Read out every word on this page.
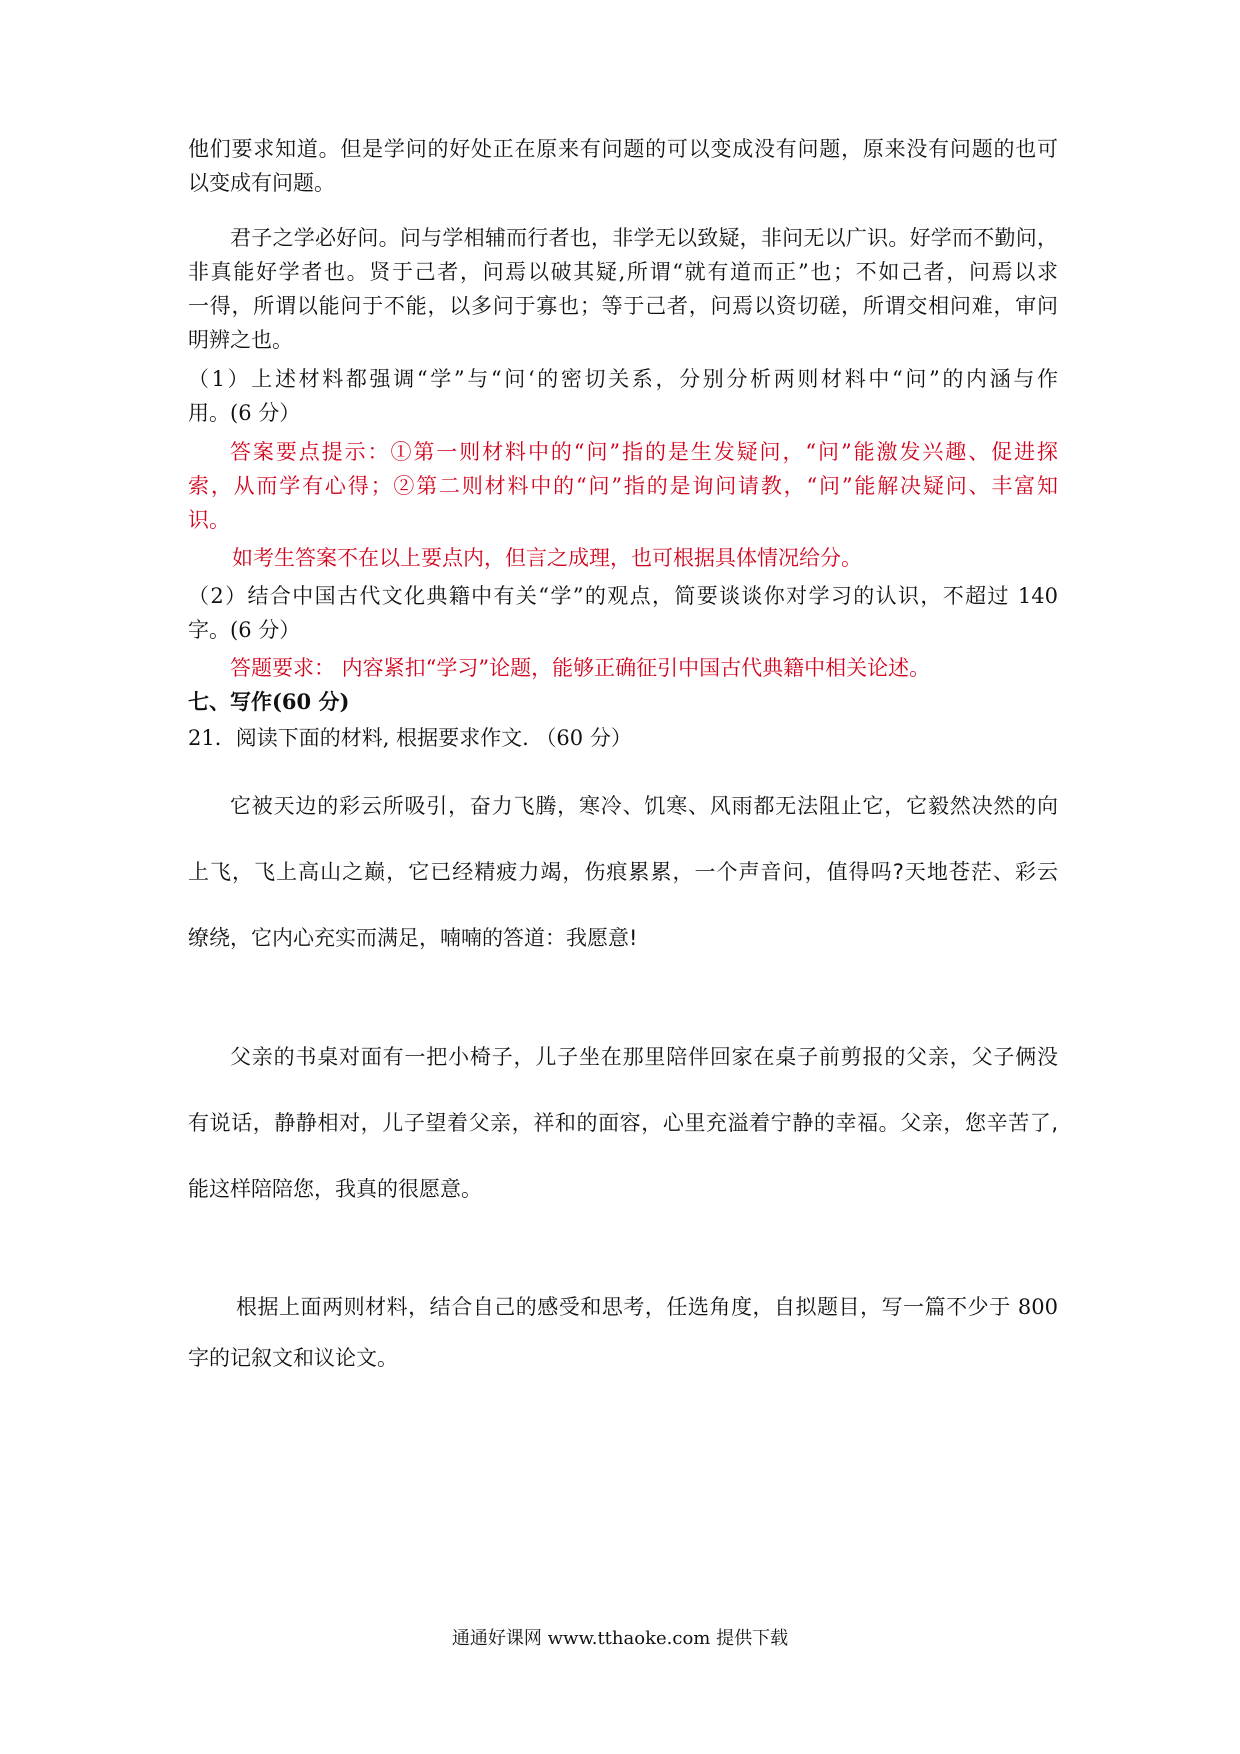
他们要求知道。但是学问的好处正在原来有问题的可以变成没有问题，原来没有问题的也可
以变成有问题。
君子之学必好问。问与学相辅而行者也，非学无以致疑，非问无以广识。好学而不勤问，
非真能好学者也。贤于己者，问焉以破其疑,所谓“就有道而正”也；不如己者，问焉以求
一得，所谓以能问于不能，以多问于寡也；等于己者，问焉以资切磋，所谓交相问难，审问
明辨之也。
（1）上述材料都强调“学”与“问‘的密切关系，分别分析两则材料中“问”的内涵与作
用。(6 分）
答案要点提示：①第一则材料中的“问”指的是生发疑问，“问”能激发兴趣、促进探
索，从而学有心得；②第二则材料中的“问”指的是询问请教，“问”能解决疑问、丰富知
识。
如考生答案不在以上要点内，但言之成理，也可根据具体情况给分。
（2）结合中国古代文化典籍中有关“学”的观点，简要谈谈你对学习的认识，不超过 140
字。(6 分）
答题要求： 内容紧扣“学习”论题，能够正确征引中国古代典籍中相关论述。
七、写作(60 分)
21．阅读下面的材料, 根据要求作文. （60 分）
它被天边的彩云所吸引，奋力飞腾，寒冷、饥寒、风雨都无法阻止它，它毅然决然的向
上飞，飞上高山之巅，它已经精疲力竭，伤痕累累，一个声音问，值得吗?天地苍茫、彩云
缭绕，它内心充实而满足，喃喃的答道：我愿意!
父亲的书桌对面有一把小椅子，儿子坐在那里陪伴回家在桌子前剪报的父亲，父子俩没
有说话，静静相对，儿子望着父亲，祥和的面容，心里充溢着宁静的幸福。父亲，您辛苦了,
能这样陪陪您，我真的很愿意。
根据上面两则材料，结合自己的感受和思考，任选角度，自拟题目，写一篇不少于 800
字的记叙文和议论文。
通通好课网 www.tthaoke.com 提供下载
